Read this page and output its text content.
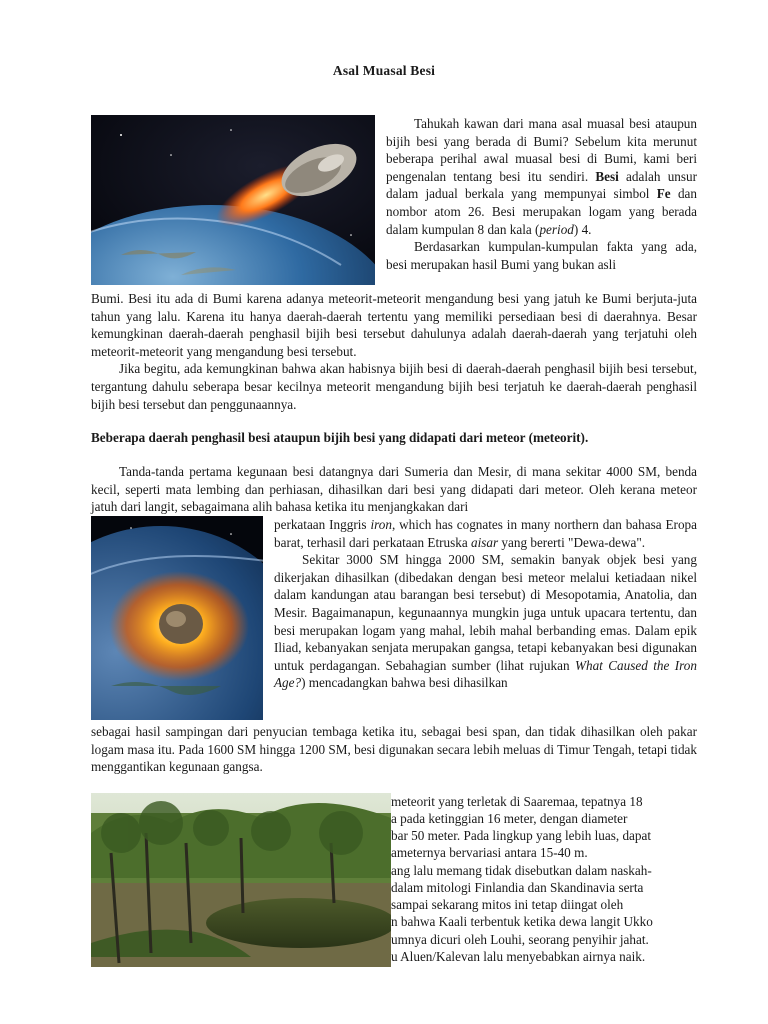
Asal Muasal Besi

Tahukah kawan dari mana asal muasal besi ataupun bijih besi yang berada di Bumi? Sebelum kita merunut beberapa perihal awal muasal besi di Bumi, kami beri pengenalan tentang besi itu sendiri. Besi adalah unsur dalam jadual berkala yang mempunyai simbol Fe dan nombor atom 26. Besi merupakan logam yang berada dalam kumpulan 8 dan kala (period) 4.

Berdasarkan kumpulan-kumpulan fakta yang ada, besi merupakan hasil Bumi yang bukan asli

Bumi. Besi itu ada di Bumi karena adanya meteorit-meteorit mengandung besi yang jatuh ke Bumi berjuta-juta tahun yang lalu. Karena itu hanya daerah-daerah tertentu yang memiliki persediaan besi di daerahnya. Besar kemungkinan daerah-daerah penghasil bijih besi tersebut dahulunya adalah daerah-daerah yang terjatuhi oleh meteorit-meteorit yang mengandung besi tersebut.

Jika begitu, ada kemungkinan bahwa akan habisnya bijih besi di daerah-daerah penghasil bijih besi tersebut, tergantung dahulu seberapa besar kecilnya meteorit mengandung bijih besi terjatuh ke daerah-daerah penghasil bijih besi tersebut dan penggunaannya.

Beberapa daerah penghasil besi ataupun bijih besi yang didapati dari meteor (meteorit).

Tanda-tanda pertama kegunaan besi datangnya dari Sumeria dan Mesir, di mana sekitar 4000 SM, benda kecil, seperti mata lembing dan perhiasan, dihasilkan dari besi yang didapati dari meteor. Oleh kerana meteor jatuh dari langit, sebagaimana alih bahasa ketika itu menjangkakan dari

perkataan Inggris iron, which has cognates in many northern dan bahasa Eropa barat, terhasil dari perkataan Etruska aisar yang bererti "Dewa-dewa".

Sekitar 3000 SM hingga 2000 SM, semakin banyak objek besi yang dikerjakan dihasilkan (dibedakan dengan besi meteor melalui ketiadaan nikel dalam kandungan atau barangan besi tersebut) di Mesopotamia, Anatolia, dan Mesir. Bagaimanapun, kegunaannya mungkin juga untuk upacara tertentu, dan besi merupakan logam yang mahal, lebih mahal berbanding emas. Dalam epik Iliad, kebanyakan senjata merupakan gangsa, tetapi kebanyakan besi digunakan untuk perdagangan. Sebahagian sumber (lihat rujukan What Caused the Iron Age?) mencadangkan bahwa besi dihasilkan

sebagai hasil sampingan dari penyucian tembaga ketika itu, sebagai besi span, dan tidak dihasilkan oleh pakar logam masa itu. Pada 1600 SM hingga 1200 SM, besi digunakan secara lebih meluas di Timur Tengah, tetapi tidak menggantikan kegunaan gangsa.

meteorit yang terletak di Saaremaa, tepatnya 18
a pada ketinggian 16 meter, dengan diameter
bar 50 meter. Pada lingkup yang lebih luas, dapat
ameternya bervariasi antara 15-40 m.
ang lalu memang tidak disebutkan dalam naskah-
dalam mitologi Finlandia dan Skandinavia serta
sampai sekarang mitos ini tetap diingat oleh
n bahwa Kaali terbentuk ketika dewa langit Ukko
umnya dicuri oleh Louhi, seorang penyihir jahat.
u Aluen/Kalevan lalu menyebabkan airnya naik.
